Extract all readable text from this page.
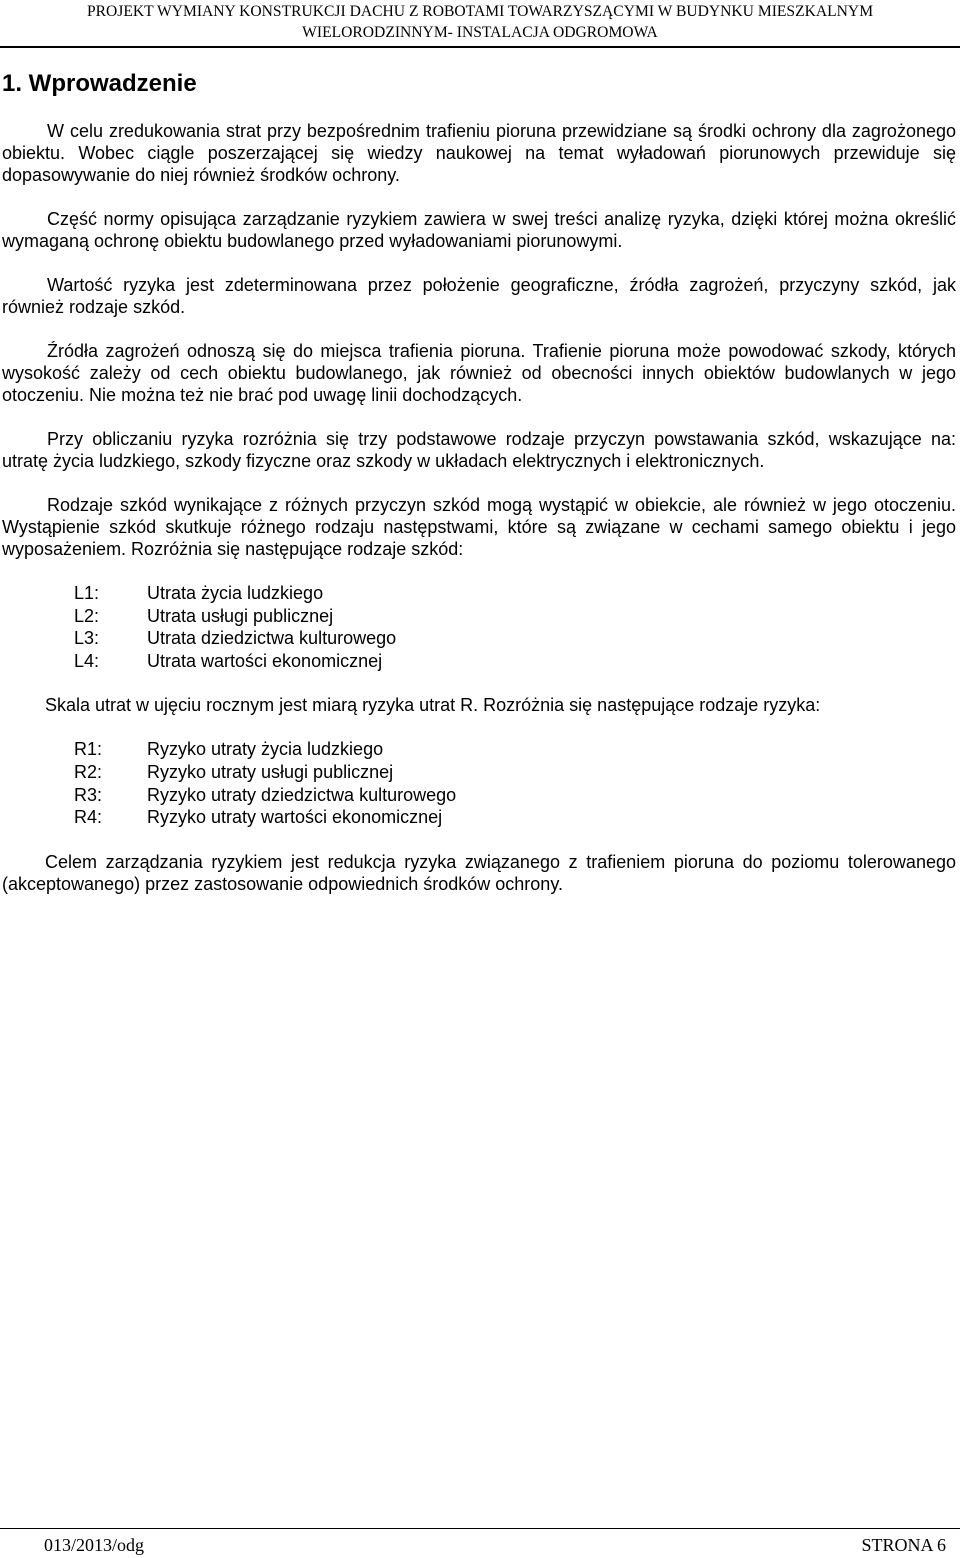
PROJEKT WYMIANY KONSTRUKCJI DACHU Z ROBOTAMI TOWARZYSZĄCYMI W BUDYNKU MIESZKALNYM
WIELORODZINNYM- INSTALACJA ODGROMOWA
1. Wprowadzenie

W celu zredukowania strat przy bezpośrednim trafieniu pioruna przewidziane są środki ochrony dla zagrożonego obiektu. Wobec ciągle poszerzającej się wiedzy naukowej na temat wyładowań piorunowych przewiduje się dopasowywanie do niej również środków ochrony.

Część normy opisująca zarządzanie ryzykiem zawiera w swej treści analizę ryzyka, dzięki której można określić wymaganą ochronę obiektu budowlanego przed wyładowaniami piorunowymi.

Wartość ryzyka jest zdeterminowana przez położenie geograficzne, źródła zagrożeń, przyczyny szkód, jak również rodzaje szkód.

Źródła zagrożeń odnoszą się do miejsca trafienia pioruna. Trafienie pioruna może powodować szkody, których wysokość zależy od cech obiektu budowlanego, jak również od obecności innych obiektów budowlanych w jego otoczeniu. Nie można też nie brać pod uwagę linii dochodzących.

Przy obliczaniu ryzyka rozróżnia się trzy podstawowe rodzaje przyczyn powstawania szkód, wskazujące na: utratę życia ludzkiego, szkody fizyczne oraz szkody w układach elektrycznych i elektronicznych.

Rodzaje szkód wynikające z różnych przyczyn szkód mogą wystąpić w obiekcie, ale również w jego otoczeniu. Wystąpienie szkód skutkuje różnego rodzaju następstwami, które są związane w cechami samego obiektu i jego wyposażeniem. Rozróżnia się następujące rodzaje szkód:

L1:	Utrata życia ludzkiego
L2:	Utrata usługi publicznej
L3:	Utrata dziedzictwa kulturowego
L4:	Utrata wartości ekonomicznej

Skala utrat w ujęciu rocznym jest miarą ryzyka utrat R. Rozróżnia się następujące rodzaje ryzyka:

R1:	Ryzyko utraty życia ludzkiego
R2:	Ryzyko utraty usługi publicznej
R3:	Ryzyko utraty dziedzictwa kulturowego
R4:	Ryzyko utraty wartości ekonomicznej

Celem zarządzania ryzykiem jest redukcja ryzyka związanego z trafieniem pioruna do poziomu tolerowanego (akceptowanego) przez zastosowanie odpowiednich środków ochrony.

013/2013/odg	STRONA 6
